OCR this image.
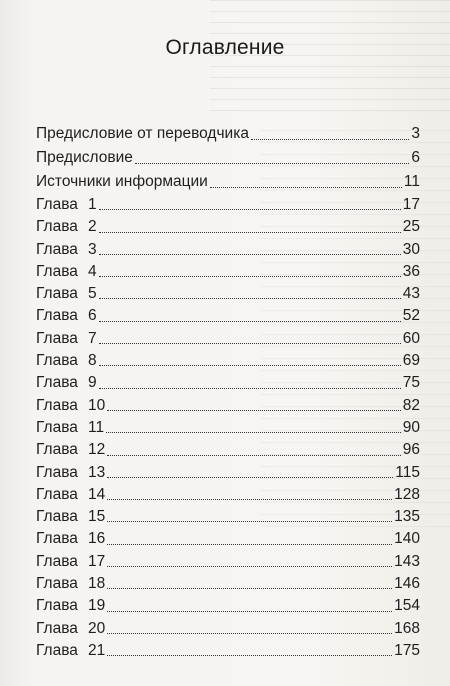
Оглавление
Предисловие от переводчика	3
Предисловие	6
Источники информации	11
Глава 1	17
Глава 2	25
Глава 3	30
Глава 4	36
Глава 5	43
Глава 6	52
Глава 7	60
Глава 8	69
Глава 9	75
Глава 10	82
Глава 11	90
Глава 12	96
Глава 13	115
Глава 14	128
Глава 15	135
Глава 16	140
Глава 17	143
Глава 18	146
Глава 19	154
Глава 20	168
Глава 21	175
